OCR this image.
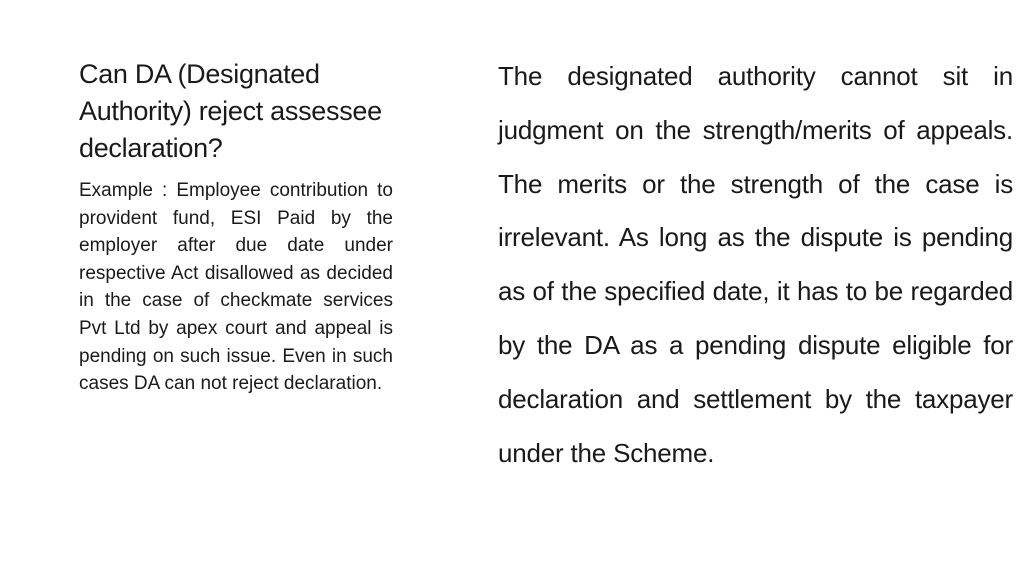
Can DA (Designated Authority) reject assessee declaration?

Example : Employee contribution to provident fund, ESI Paid by the employer after due date under respective Act disallowed as decided in the case of checkmate services Pvt Ltd by apex court and appeal is pending on such issue. Even in such cases DA can not reject declaration.

The designated authority cannot sit in judgment on the strength/merits of appeals. The merits or the strength of the case is irrelevant. As long as the dispute is pending as of the specified date, it has to be regarded by the DA as a pending dispute eligible for declaration and settlement by the taxpayer under the Scheme.
